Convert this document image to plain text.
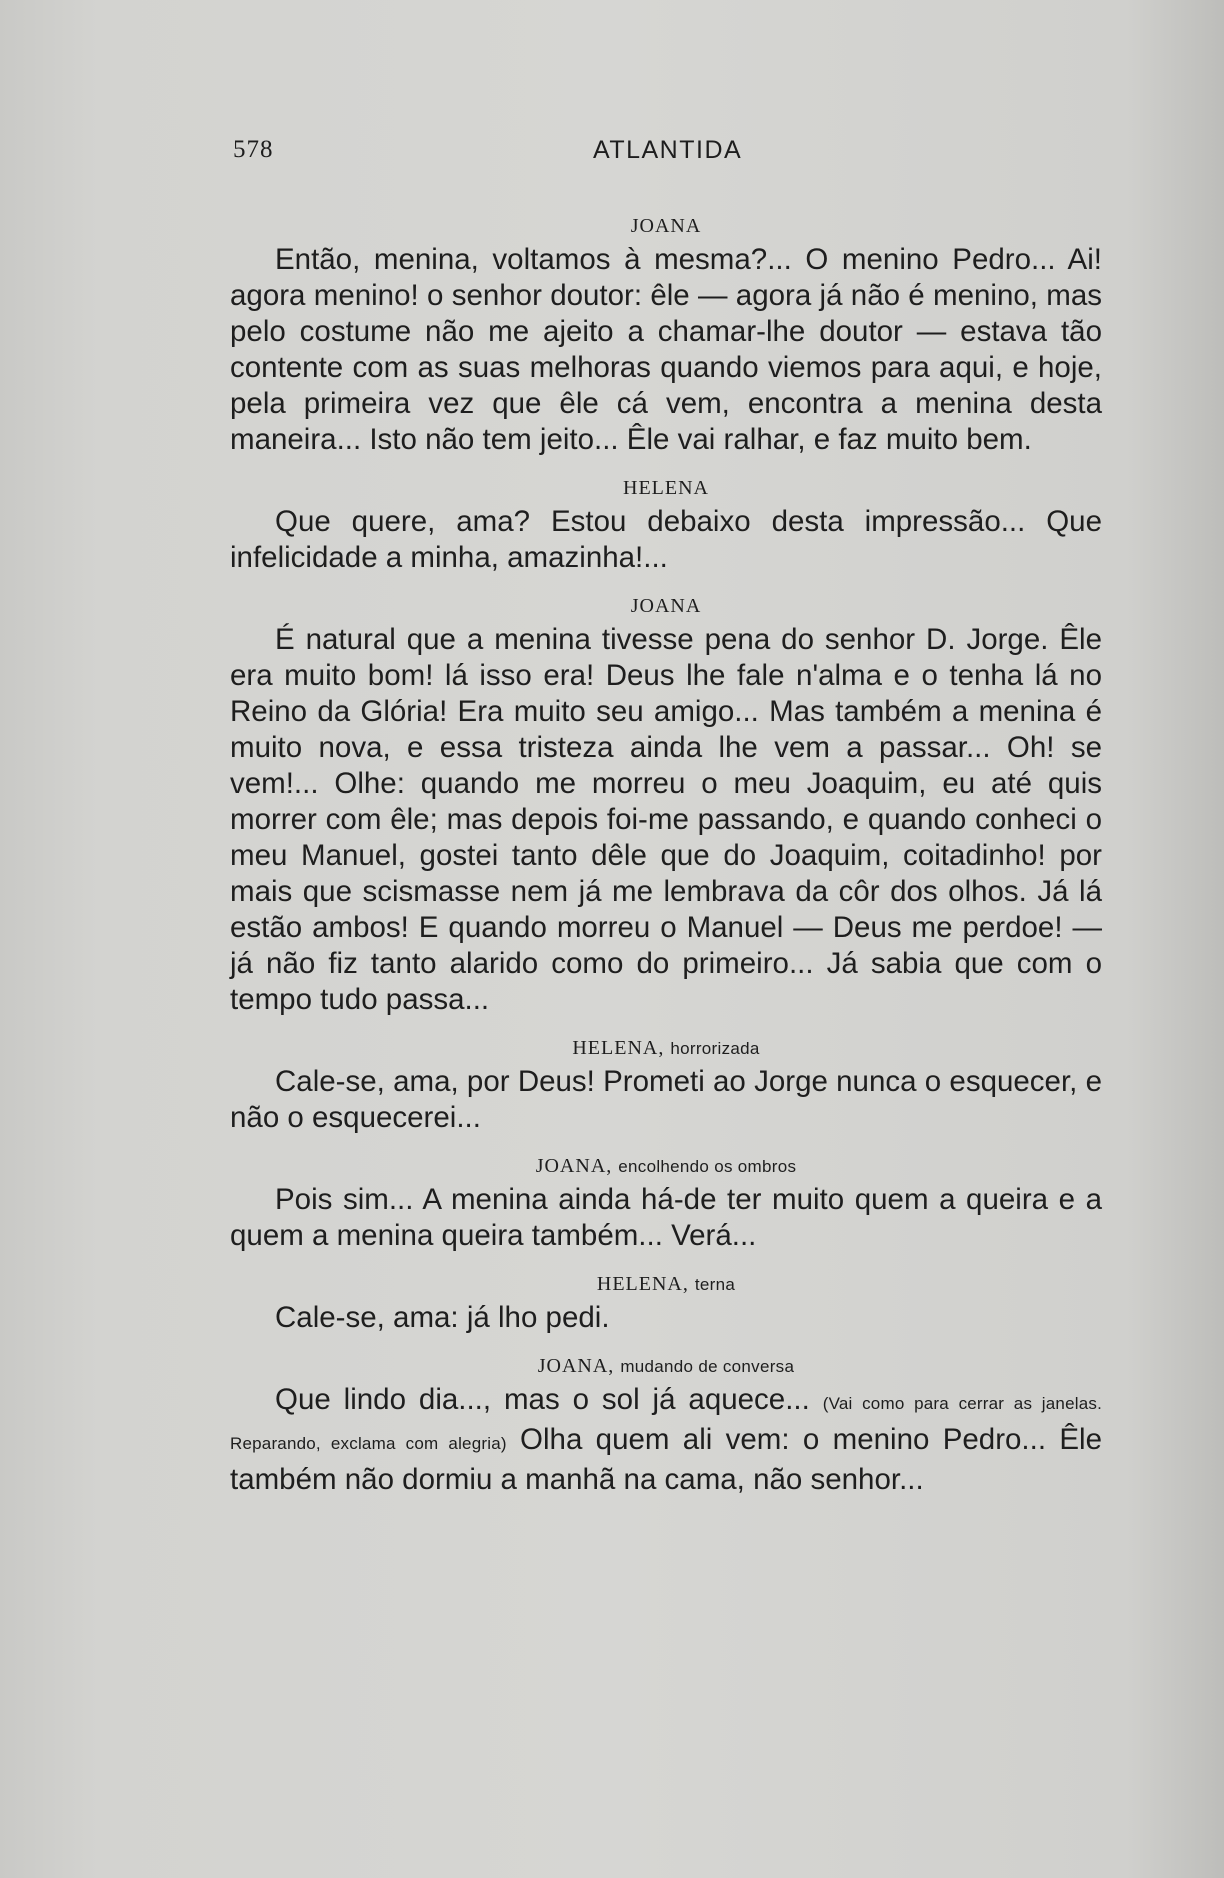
578	ATLANTIDA

JOANA

Então, menina, voltamos à mesma?... O menino Pedro... Ai! agora menino! o senhor doutor: êle — agora já não é menino, mas pelo costume não me ajeito a chamar-lhe doutor — estava tão contente com as suas melhoras quando viemos para aqui, e hoje, pela primeira vez que êle cá vem, encontra a menina desta maneira... Isto não tem jeito... Êle vai ralhar, e faz muito bem.

HELENA

Que quere, ama? Estou debaixo desta impressão... Que infelicidade a minha, amazinha!...

JOANA

É natural que a menina tivesse pena do senhor D. Jorge. Êle era muito bom! lá isso era! Deus lhe fale n'alma e o tenha lá no Reino da Glória! Era muito seu amigo... Mas também a menina é muito nova, e essa tristeza ainda lhe vem a passar... Oh! se vem!... Olhe: quando me morreu o meu Joaquim, eu até quis morrer com êle; mas depois foi-me passando, e quando conheci o meu Manuel, gostei tanto dêle que do Joaquim, coitadinho! por mais que scismasse nem já me lembrava da côr dos olhos. Já lá estão ambos! E quando morreu o Manuel — Deus me perdoe! — já não fiz tanto alarido como do primeiro... Já sabia que com o tempo tudo passa...

HELENA, horrorizada

Cale-se, ama, por Deus! Prometi ao Jorge nunca o esquecer, e não o esquecerei...

JOANA, encolhendo os ombros

Pois sim... A menina ainda há-de ter muito quem a queira e a quem a menina queira também... Verá...

HELENA, terna

Cale-se, ama: já lho pedi.

JOANA, mudando de conversa

Que lindo dia..., mas o sol já aquece... (Vai como para cerrar as janelas. Reparando, exclama com alegria) Olha quem ali vem: o menino Pedro... Êle também não dormiu a manhã na cama, não senhor...
